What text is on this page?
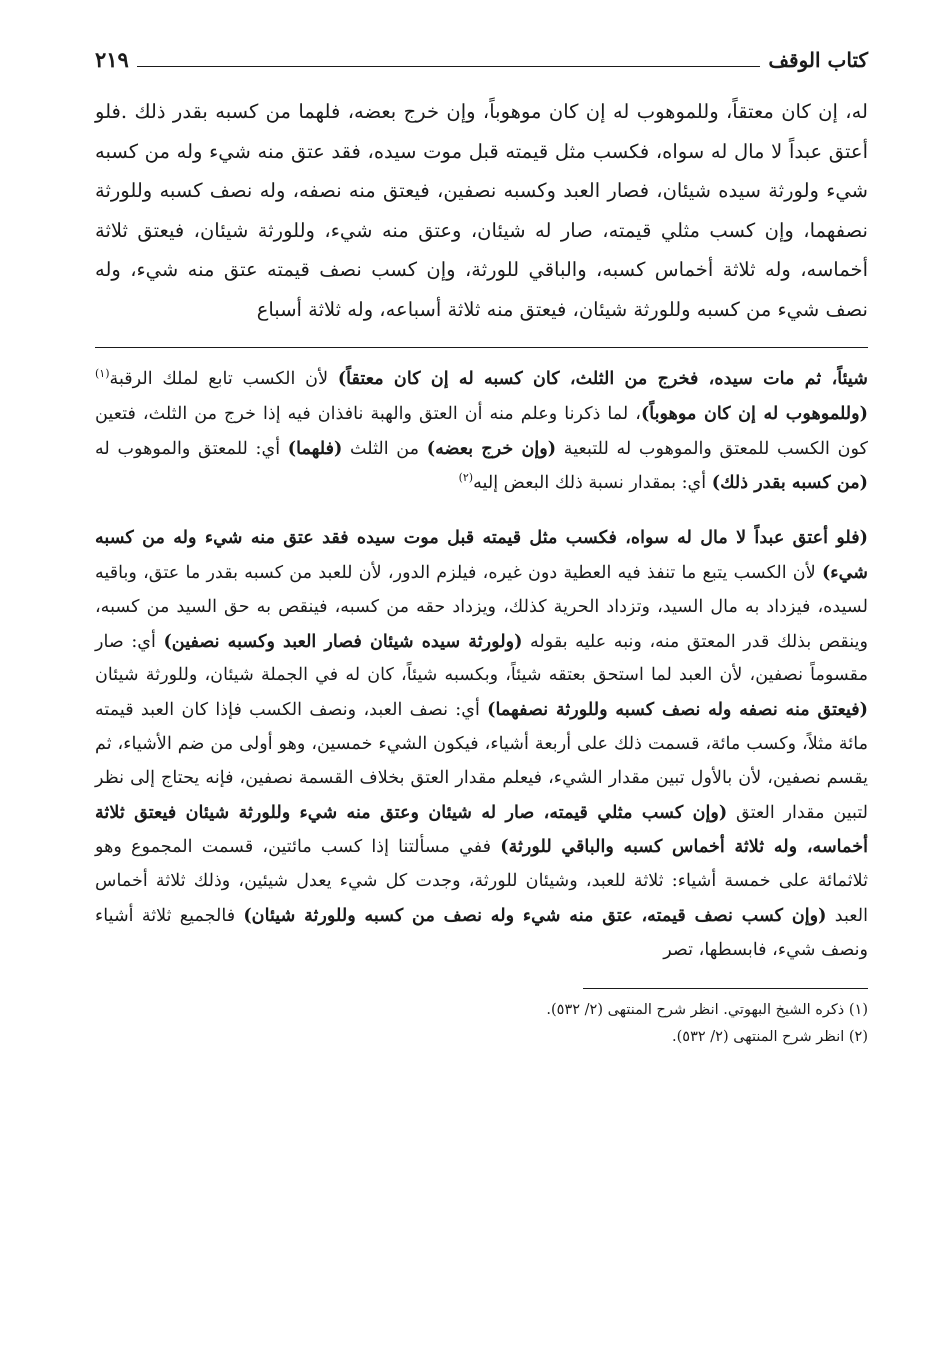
كتاب الوقف
٢١٩

له، إن كان معتقاً، وللموهوب له إن كان موهوباً، وإن خرج بعضه، فلهما من كسبه بقدر ذلك .فلو أعتق عبداً لا مال له سواه، فكسب مثل قيمته قبل موت سيده، فقد عتق منه شيء وله من كسبه شيء ولورثة سيده شيئان، فصار العبد وكسبه نصفين، فيعتق منه نصفه، وله نصف كسبه وللورثة نصفهما، وإن كسب مثلي قيمته، صار له شيئان، وعتق منه شيء، وللورثة شيئان، فيعتق ثلاثة أخماسه، وله ثلاثة أخماس كسبه، والباقي للورثة، وإن كسب نصف قيمته عتق منه شيء، وله نصف شيء من كسبه وللورثة شيئان، فيعتق منه ثلاثة أسباعه، وله ثلاثة أسباع

شيئاً، ثم مات سيده، فخرج من الثلث، كان كسبه له إن كان معتقاً) لأن الكسب تابع لملك الرقبة$^{(١)}$ (وللموهوب له إن كان موهوباً)، لما ذكرنا وعلم منه أن العتق والهبة نافذان فيه إذا خرج من الثلث، فتعين كون الكسب للمعتق والموهوب له للتبعية (وإن خرج بعضه) من الثلث (فلهما) أي: للمعتق والموهوب له (من كسبه بقدر ذلك) أي: بمقدار نسبة ذلك البعض إليه$^{(٢)}$

(فلو أعتق عبداً لا مال له سواه، فكسب مثل قيمته قبل موت سيده فقد عتق منه شيء وله من كسبه شيء) لأن الكسب يتبع ما تنفذ فيه العطية دون غيره، فيلزم الدور، لأن للعبد من كسبه بقدر ما عتق، وباقيه لسيده، فيزداد به مال السيد، وتزداد الحرية كذلك، ويزداد حقه من كسبه، فينقص به حق السيد من كسبه، وينقص بذلك قدر المعتق منه، ونبه عليه بقوله (ولورثة سيده شيئان فصار العبد وكسبه نصفين) أي: صار مقسوماً نصفين، لأن العبد لما استحق بعتقه شيئاً، وبكسبه شيئاً، كان له في الجملة شيئان، وللورثة شيئان (فيعتق منه نصفه وله نصف كسبه وللورثة نصفهما) أي: نصف العبد، ونصف الكسب فإذا كان العبد قيمته مائة مثلاً، وكسب مائة، قسمت ذلك على أربعة أشياء، فيكون الشيء خمسين، وهو أولى من ضم الأشياء، ثم يقسم نصفين، لأن بالأول تبين مقدار الشيء، فيعلم مقدار العتق بخلاف القسمة نصفين، فإنه يحتاج إلى نظر لتبين مقدار العتق (وإن كسب مثلي قيمته، صار له شيئان وعتق منه شيء وللورثة شيئان فيعتق ثلاثة أخماسه، وله ثلاثة أخماس كسبه والباقي للورثة) ففي مسألتنا إذا كسب مائتين، قسمت المجموع وهو ثلاثمائة على خمسة أشياء: ثلاثة للعبد، وشيئان للورثة، وجدت كل شيء يعدل شيئين، وذلك ثلاثة أخماس العبد (وإن كسب نصف قيمته، عتق منه شيء وله نصف من كسبه وللورثة شيئان) فالجميع ثلاثة أشياء ونصف شيء، فابسطها، تصر

(١) ذكره الشيخ البهوتي. انظر شرح المنتهى (٢/ ٥٣٢).

(٢) انظر شرح المنتهى (٢/ ٥٣٢).
